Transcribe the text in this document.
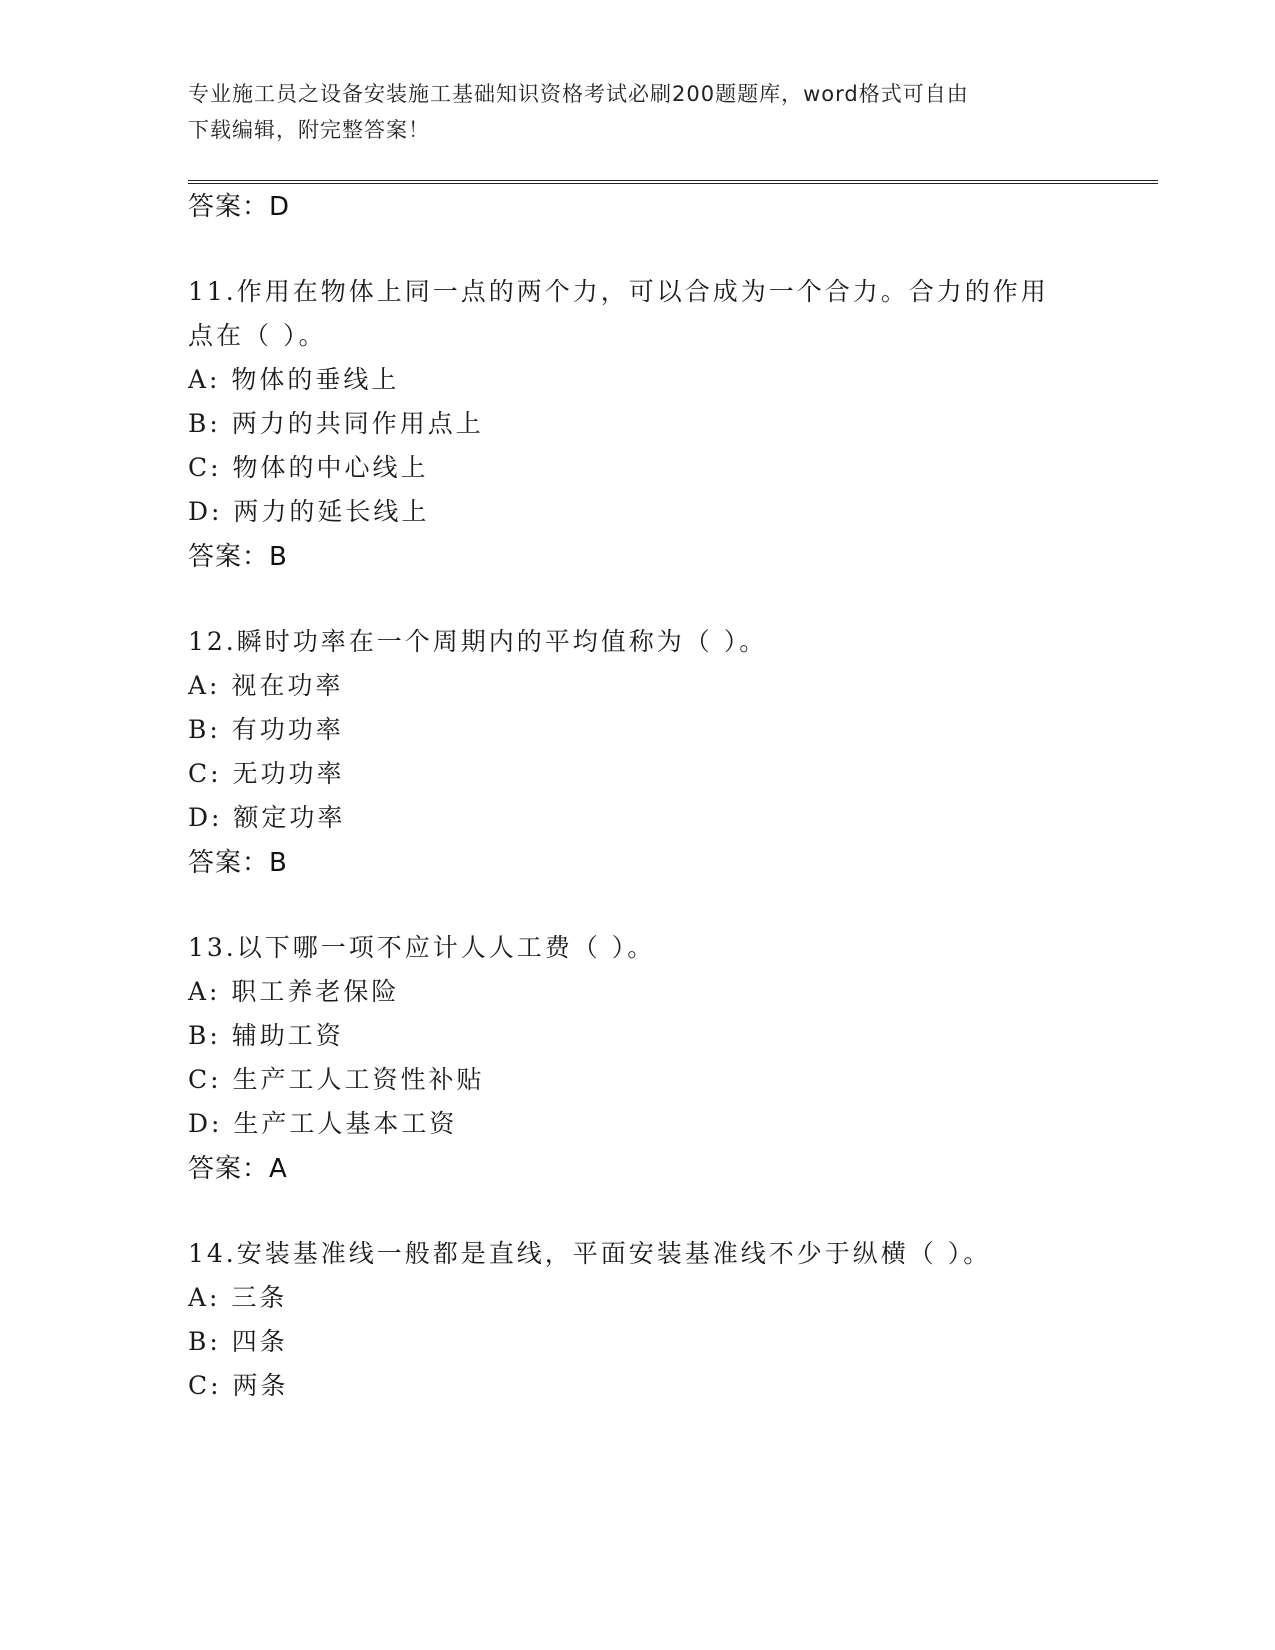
专业施工员之设备安装施工基础知识资格考试必刷200题题库，word格式可自由
下载编辑，附完整答案！
答案：D
11.作用在物体上同一点的两个力，可以合成为一个合力。合力的作用
点在（ ）。
A: 物体的垂线上
B: 两力的共同作用点上
C: 物体的中心线上
D: 两力的延长线上
答案：B
12.瞬时功率在一个周期内的平均值称为（ ）。
A: 视在功率
B: 有功功率
C: 无功功率
D: 额定功率
答案：B
13.以下哪一项不应计人人工费（ ）。
A: 职工养老保险
B: 辅助工资
C: 生产工人工资性补贴
D: 生产工人基本工资
答案：A
14.安装基准线一般都是直线，平面安装基准线不少于纵横（ ）。
A: 三条
B: 四条
C: 两条
